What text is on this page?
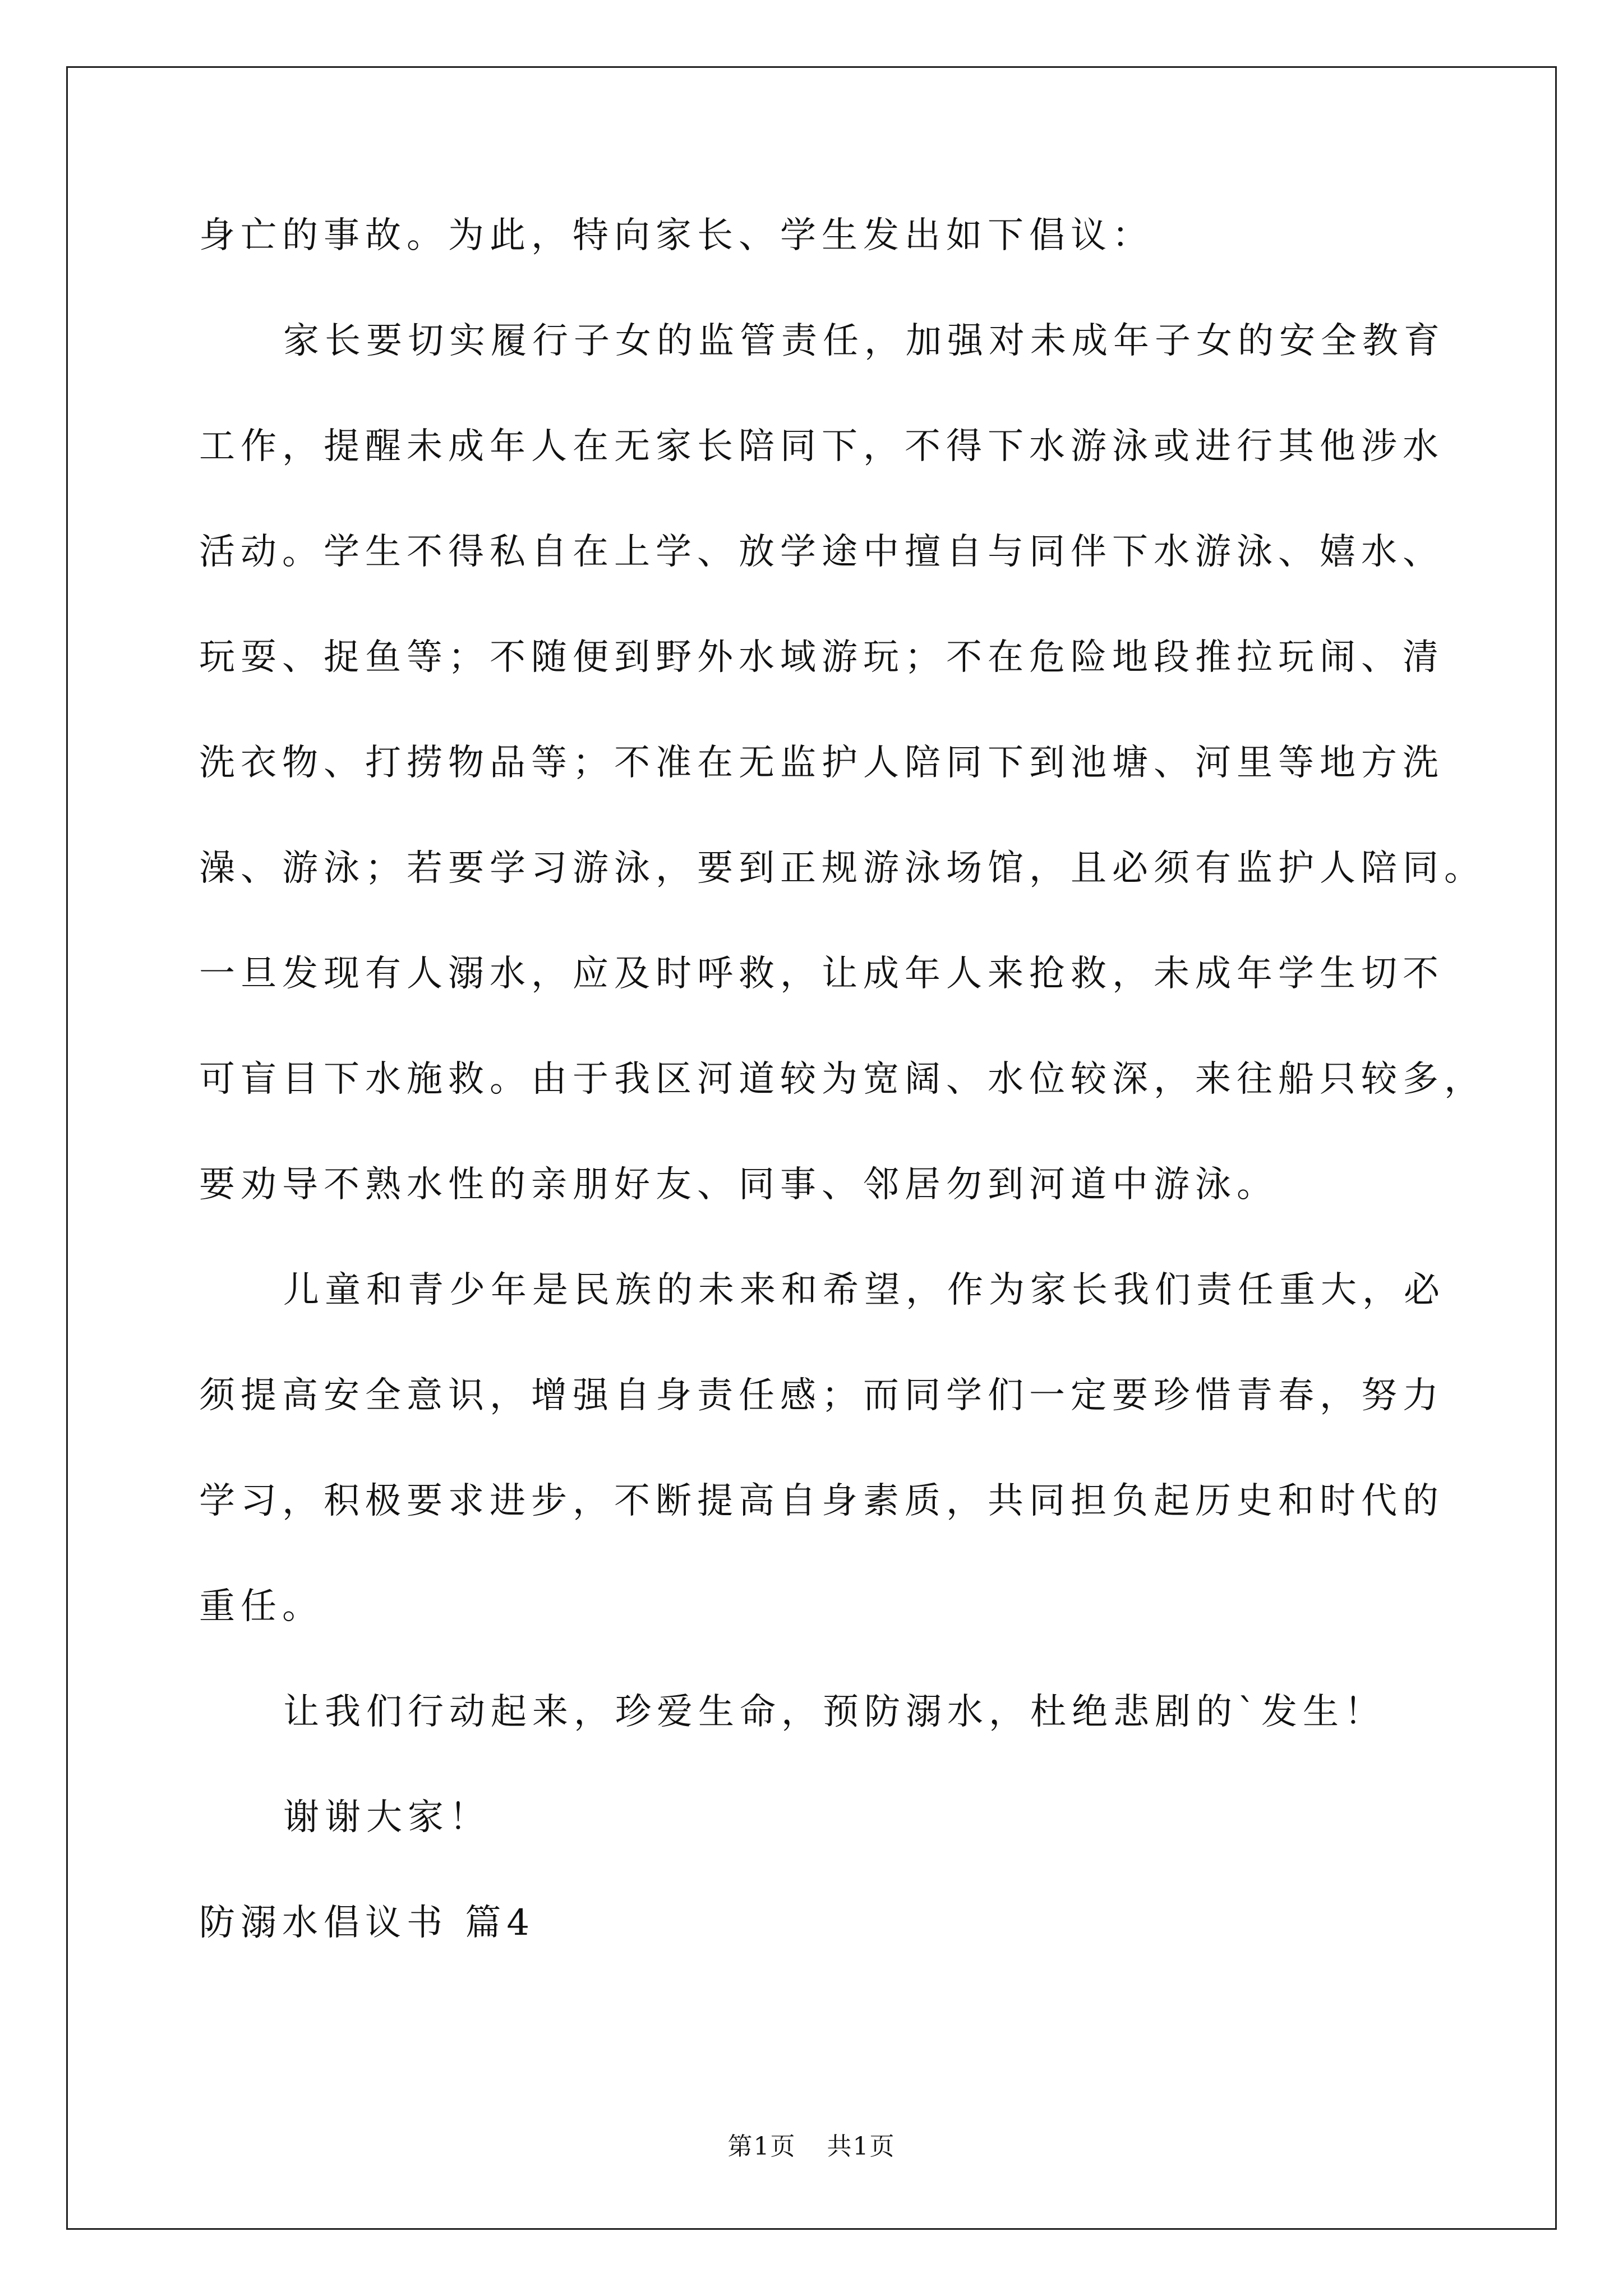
身亡的事故。为此，特向家长、学生发出如下倡议：
家长要切实履行子女的监管责任，加强对未成年子女的安全教育
工作，提醒未成年人在无家长陪同下，不得下水游泳或进行其他涉水
活动。学生不得私自在上学、放学途中擅自与同伴下水游泳、嬉水、
玩耍、捉鱼等；不随便到野外水域游玩；不在危险地段推拉玩闹、清
洗衣物、打捞物品等；不准在无监护人陪同下到池塘、河里等地方洗
澡、游泳；若要学习游泳，要到正规游泳场馆，且必须有监护人陪同。
一旦发现有人溺水，应及时呼救，让成年人来抢救，未成年学生切不
可盲目下水施救。由于我区河道较为宽阔、水位较深，来往船只较多，
要劝导不熟水性的亲朋好友、同事、邻居勿到河道中游泳。
儿童和青少年是民族的未来和希望，作为家长我们责任重大，必
须提高安全意识，增强自身责任感；而同学们一定要珍惜青春，努力
学习，积极要求进步，不断提高自身素质，共同担负起历史和时代的
重任。
让我们行动起来，珍爱生命，预防溺水，杜绝悲剧的`发生！
谢谢大家！
防溺水倡议书 篇4
第1页 共1页
